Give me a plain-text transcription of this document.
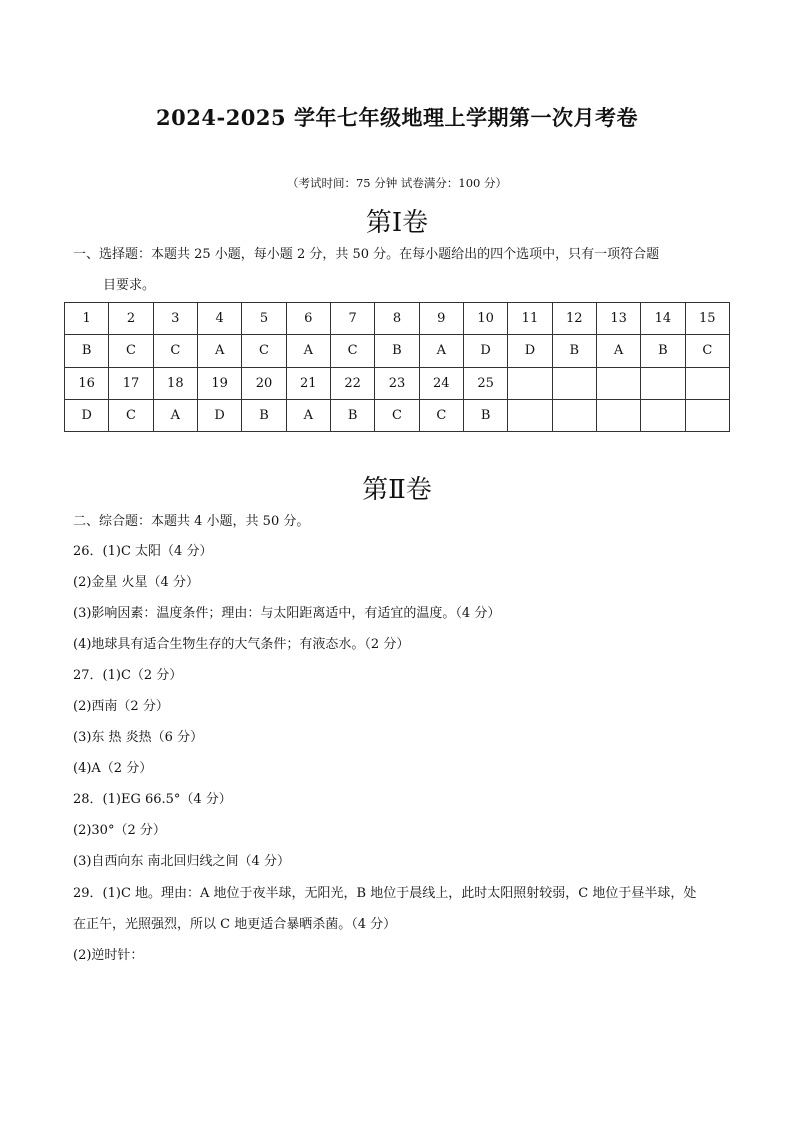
2024-2025 学年七年级地理上学期第一次月考卷
（考试时间：75 分钟 试卷满分：100 分）
第Ⅰ卷
一、选择题：本题共 25 小题，每小题 2 分，共 50 分。在每小题给出的四个选项中，只有一项符合题
目要求。
1	2	3	4	5	6	7	8	9	10	11	12	13	14	15
B	C	C	A	C	A	C	B	A	D	D	B	A	B	C
16	17	18	19	20	21	22	23	24	25					
D	C	A	D	B	A	B	C	C	B					
第Ⅱ卷
二、综合题：本题共 4 小题，共 50 分。
26．(1)C 太阳（4 分）
(2)金星 火星（4 分）
(3)影响因素：温度条件；理由：与太阳距离适中，有适宜的温度。（4 分）
(4)地球具有适合生物生存的大气条件；有液态水。（2 分）
27．(1)C（2 分）
(2)西南（2 分）
(3)东 热 炎热（6 分）
(4)A（2 分）
28．(1)EG 66.5°（4 分）
(2)30°（2 分）
(3)自西向东 南北回归线之间（4 分）
29．(1)C 地。理由：A 地位于夜半球，无阳光，B 地位于晨线上，此时太阳照射较弱，C 地位于昼半球，处
在正午，光照强烈，所以 C 地更适合暴晒杀菌。（4 分）
(2)逆时针：
